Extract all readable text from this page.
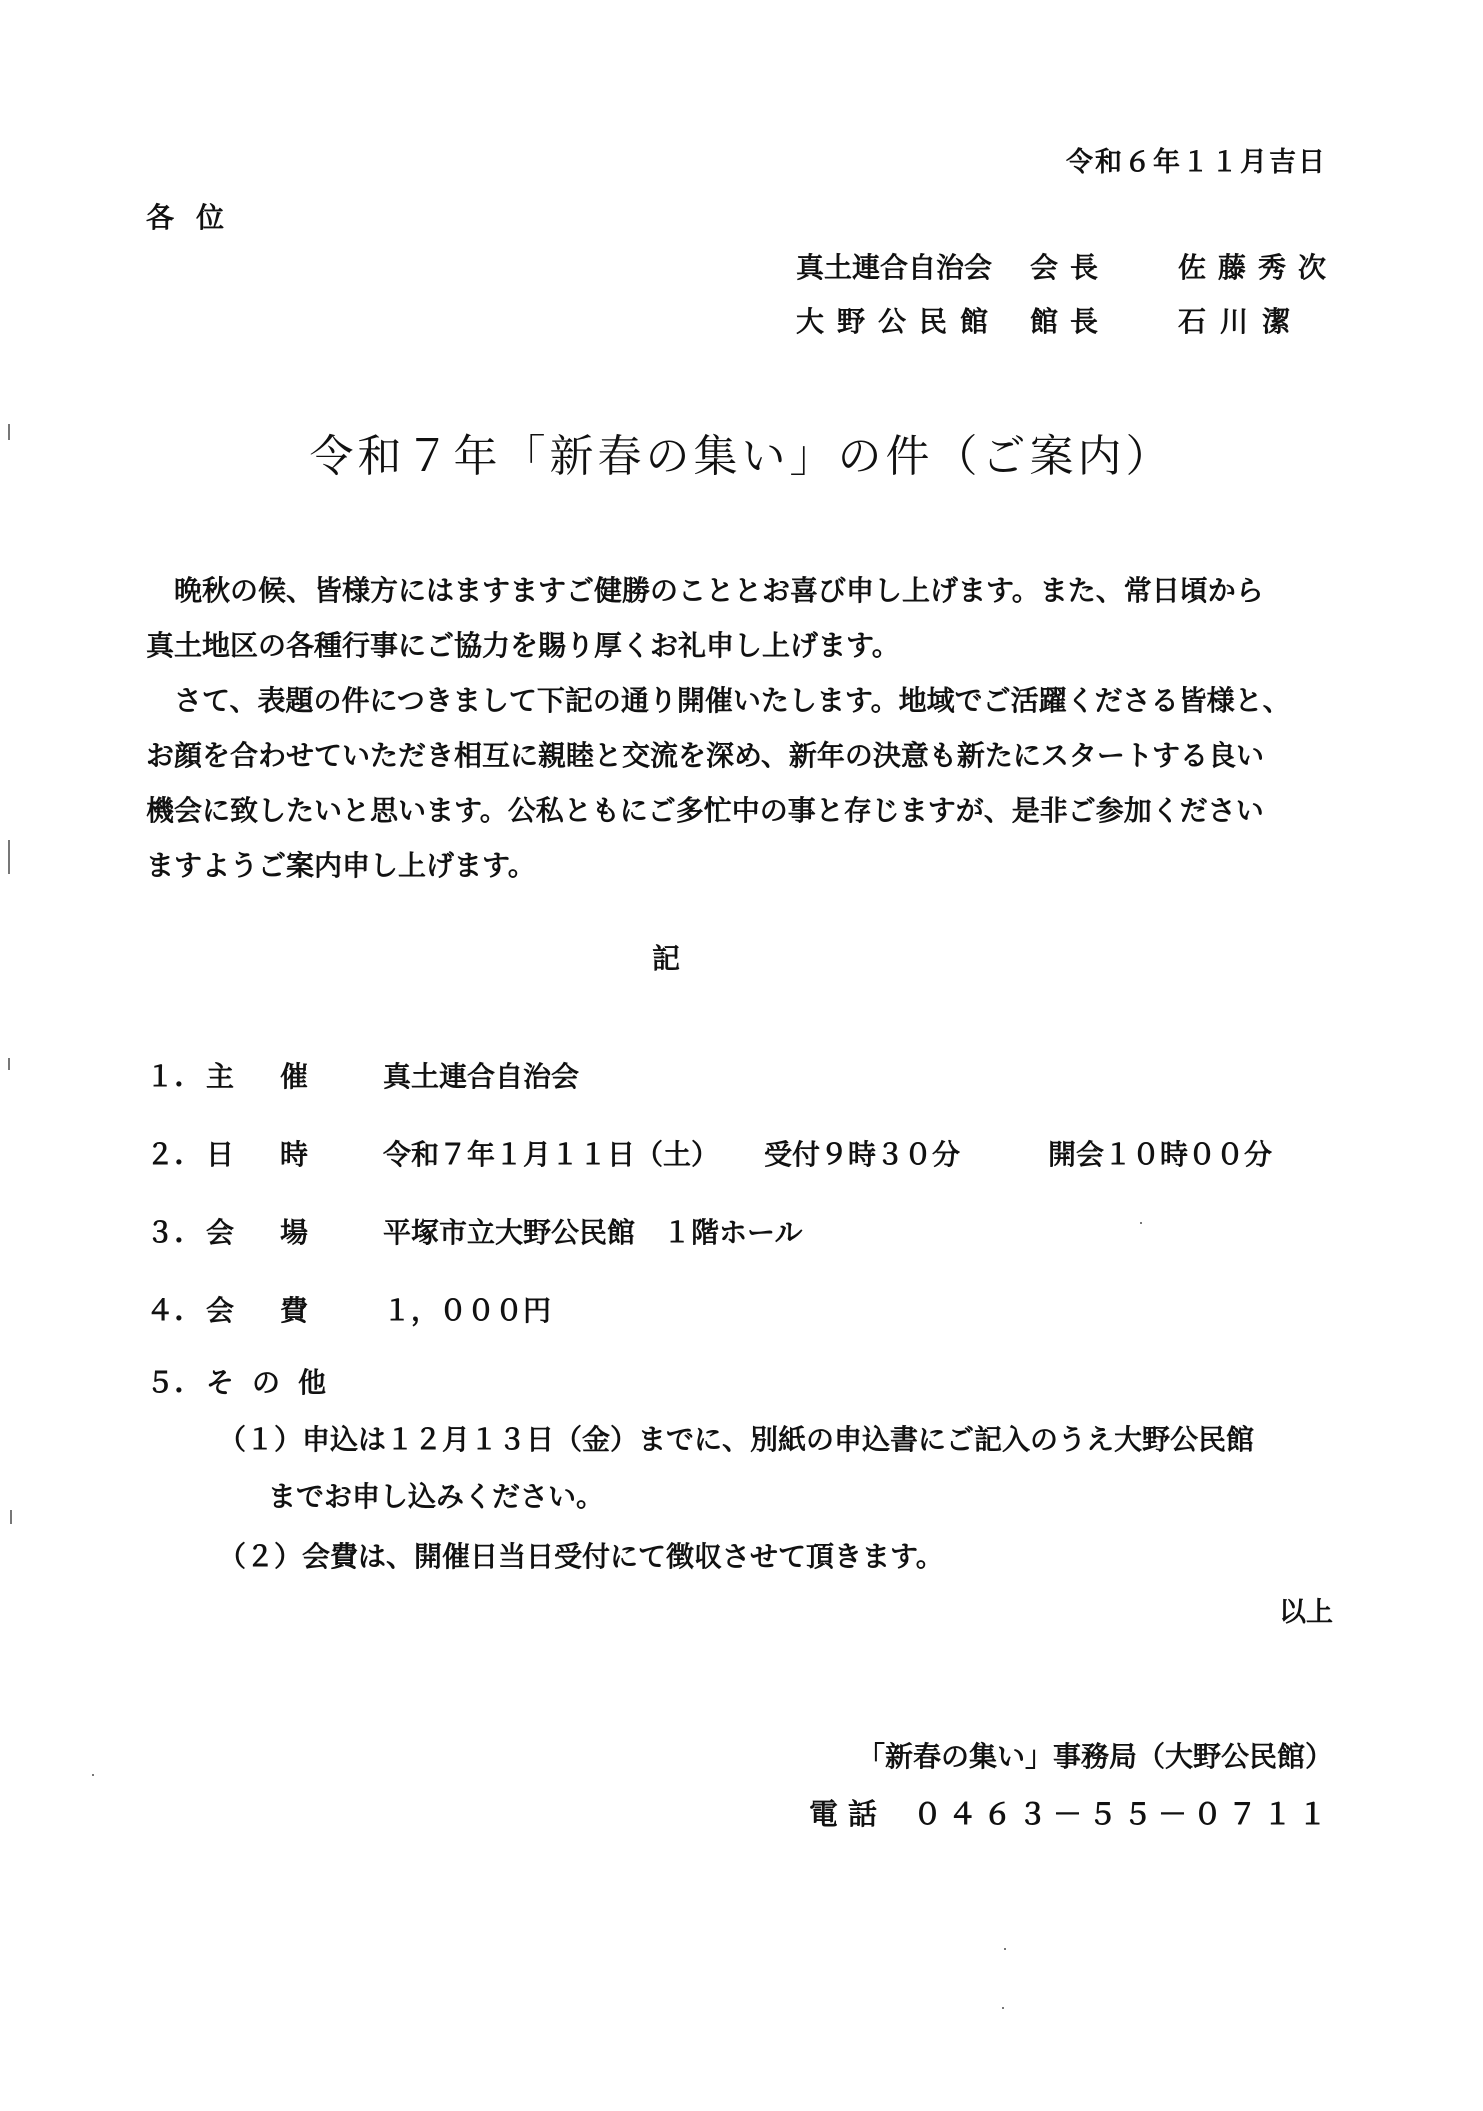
令和６年１１月吉日
各位
真土連合自治会 会長 佐藤秀次
大野公民館 館長 石川潔
令和７年「新春の集い」の件（ご案内）

晩秋の候、皆様方にはますますご健勝のこととお喜び申し上げます。また、常日頃から
真土地区の各種行事にご協力を賜り厚くお礼申し上げます。

さて、表題の件につきまして下記の通り開催いたします。地域でご活躍くださる皆様と、
お顔を合わせていただき相互に親睦と交流を深め、新年の決意も新たにスタートする良い
機会に致したいと思います。公私ともにご多忙中の事と存じますが、是非ご参加ください
ますようご案内申し上げます。

記
１. 主催 真土連合自治会
２. 日時 令和７年１月１１日（土） 受付９時３０分	開会１０時００分
３. 会場 平塚市立大野公民館　１階ホール
４. 会費 １，０００円
５. その他
（１）申込は１２月１３日（金）までに、別紙の申込書にご記入のうえ大野公民館
までお申し込みください。
（２）会費は、開催日当日受付にて徴収させて頂きます。
以上
「新春の集い」事務局（大野公民館）
電話 ０４６３－５５－０７１１
